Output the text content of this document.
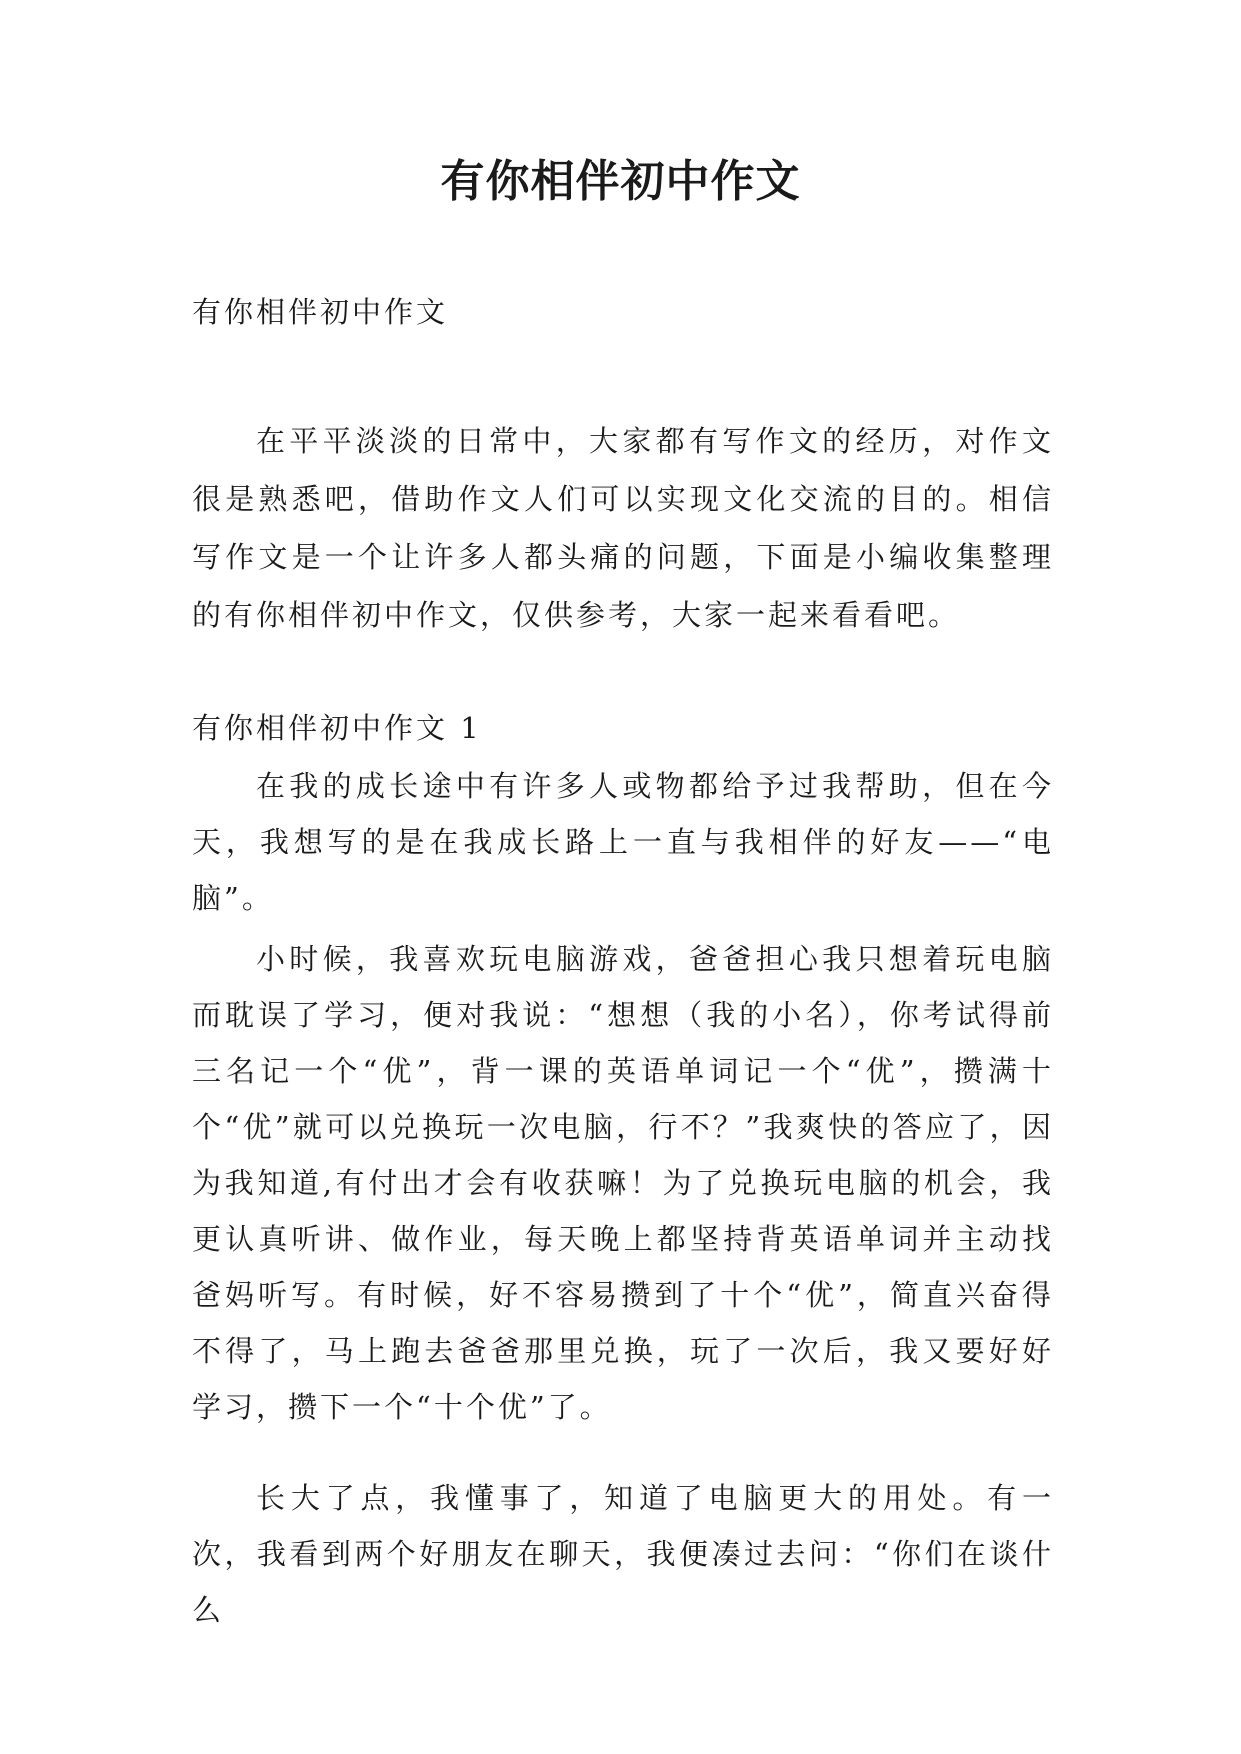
有你相伴初中作文

有你相伴初中作文

在平平淡淡的日常中，大家都有写作文的经历，对作文很是熟悉吧，借助作文人们可以实现文化交流的目的。相信写作文是一个让许多人都头痛的问题，下面是小编收集整理的有你相伴初中作文，仅供参考，大家一起来看看吧。

有你相伴初中作文 1

在我的成长途中有许多人或物都给予过我帮助，但在今天，我想写的是在我成长路上一直与我相伴的好友——“电脑”。

小时候，我喜欢玩电脑游戏，爸爸担心我只想着玩电脑而耽误了学习，便对我说：“想想（我的小名），你考试得前三名记一个“优”，背一课的英语单词记一个“优”，攒满十个“优”就可以兑换玩一次电脑，行不？”我爽快的答应了，因为我知道,有付出才会有收获嘛！为了兑换玩电脑的机会，我更认真听讲、做作业，每天晚上都坚持背英语单词并主动找爸妈听写。有时候，好不容易攒到了十个“优”，简直兴奋得不得了，马上跑去爸爸那里兑换，玩了一次后，我又要好好学习，攒下一个“十个优”了。

长大了点，我懂事了，知道了电脑更大的用处。有一次，我看到两个好朋友在聊天，我便凑过去问：“你们在谈什么
